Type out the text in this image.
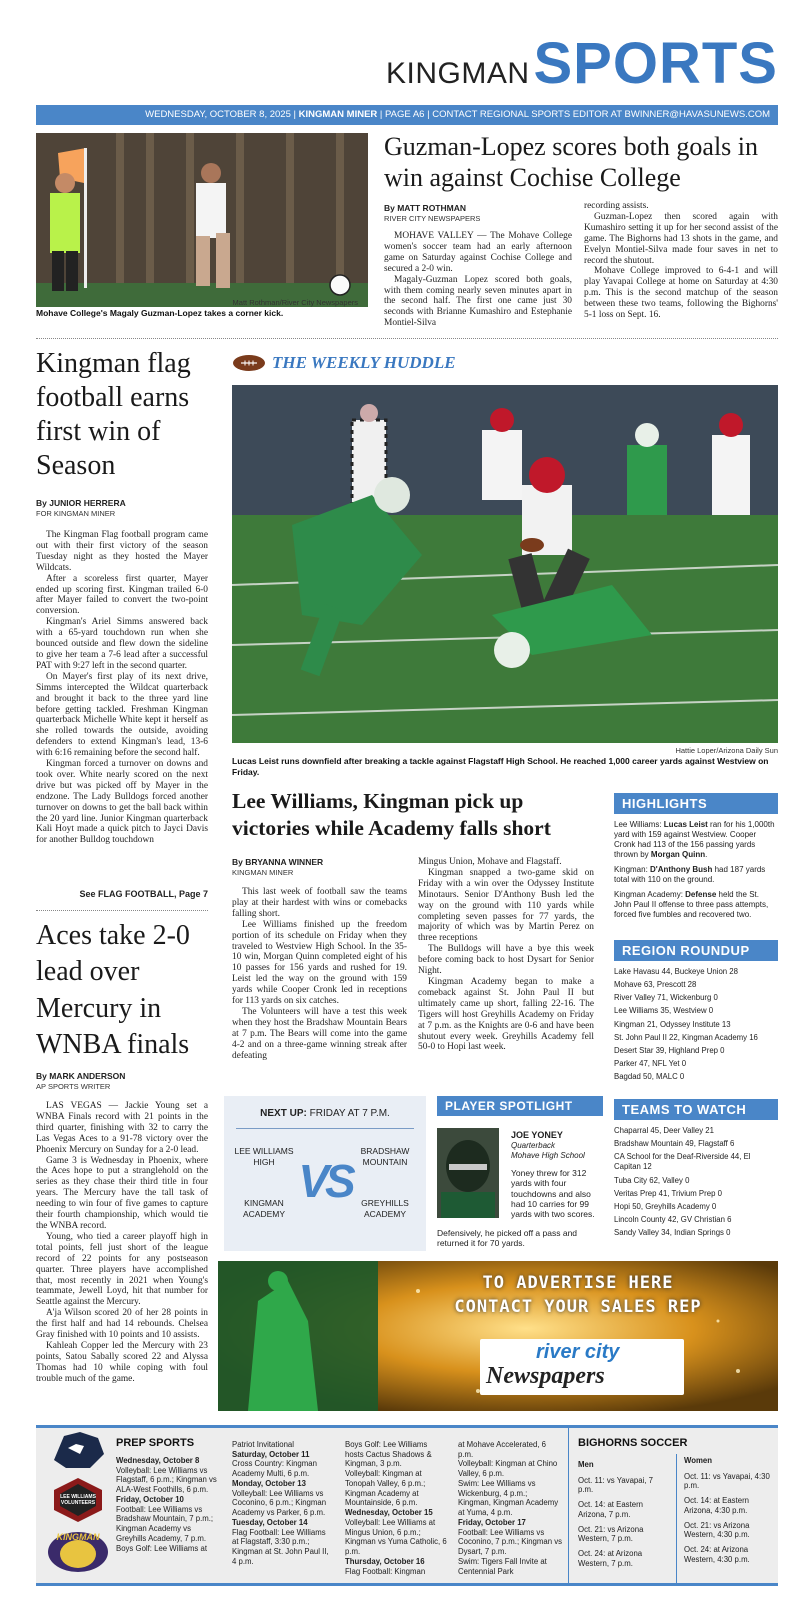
KINGMANSPORTS
WEDNESDAY, OCTOBER 8, 2025 | KINGMAN MINER | PAGE A6 | CONTACT REGIONAL SPORTS EDITOR AT BWINNER@HAVASUNEWS.COM
Matt Rothman/River City Newspapers
Mohave College's Magaly Guzman-Lopez takes a corner kick.
Guzman-Lopez scores both goals in win against Cochise College
By MATT ROTHMAN
RIVER CITY NEWSPAPERS

MOHAVE VALLEY — The Mohave College women's soccer team had an early afternoon game on Saturday against Cochise College and secured a 2-0 win.

Magaly-Guzman Lopez scored both goals, with them coming nearly seven minutes apart in the second half. The first one came just 30 seconds with Brianne Kumashiro and Estephanie Montiel-Silva

recording assists.

Guzman-Lopez then scored again with Kumashiro setting it up for her second assist of the game. The Bighorns had 13 shots in the game, and Evelyn Montiel-Silva made four saves in net to record the shutout.

Mohave College improved to 6-4-1 and will play Yavapai College at home on Saturday at 4:30 p.m. This is the second matchup of the season between these two teams, following the Bighorns' 5-1 loss on Sept. 16.

Kingman flag football earns first win of Season
By JUNIOR HERRERA
FOR KINGMAN MINER

The Kingman Flag football program came out with their first victory of the season Tuesday night as they hosted the Mayer Wildcats.

After a scoreless first quarter, Mayer ended up scoring first. Kingman trailed 6-0 after Mayer failed to convert the two-point conversion.

Kingman's Ariel Simms answered back with a 65-yard touchdown run when she bounced outside and flew down the sideline to give her team a 7-6 lead after a successful PAT with 9:27 left in the second quarter.

On Mayer's first play of its next drive, Simms intercepted the Wildcat quarterback and brought it back to the three yard line before getting tackled. Freshman Kingman quarterback Michelle White kept it herself as she rolled towards the outside, avoiding defenders to extend Kingman's lead, 13-6 with 6:16 remaining before the second half.

Kingman forced a turnover on downs and took over. White nearly scored on the next drive but was picked off by Mayer in the endzone. The Lady Bulldogs forced another turnover on downs to get the ball back within the 20 yard line. Junior Kingman quarterback Kali Hoyt made a quick pitch to Jayci Davis for another Bulldog touchdown

See FLAG FOOTBALL, Page 7
THE WEEKLY HUDDLE
Hattie Loper/Arizona Daily Sun
Lucas Leist runs downfield after breaking a tackle against Flagstaff High School. He reached 1,000 career yards against Westview on Friday.
Lee Williams, Kingman pick up victories while Academy falls short
By BRYANNA WINNER
KINGMAN MINER

This last week of football saw the teams play at their hardest with wins or comebacks falling short.

Lee Williams finished up the freedom portion of its schedule on Friday when they traveled to Westview High School. In the 35-10 win, Morgan Quinn completed eight of his 10 passes for 156 yards and rushed for 19. Leist led the way on the ground with 159 yards while Cooper Cronk led in receptions for 113 yards on six catches.

The Volunteers will have a test this week when they host the Bradshaw Mountain Bears at 7 p.m. The Bears will come into the game 4-2 and on a three-game winning streak after defeating

Mingus Union, Mohave and Flagstaff.

Kingman snapped a two-game skid on Friday with a win over the Odyssey Institute Minotaurs. Senior D'Anthony Bush led the way on the ground with 110 yards while completing seven passes for 77 yards, the majority of which was by Martin Perez on three receptions

The Bulldogs will have a bye this week before coming back to host Dysart for Senior Night.

Kingman Academy began to make a comeback against St. John Paul II but ultimately came up short, falling 22-16. The Tigers will host Greyhills Academy on Friday at 7 p.m. as the Knights are 0-6 and have been shutout every week. Greyhills Academy fell 50-0 to Hopi last week.

HIGHLIGHTS
Lee Williams: Lucas Leist ran for his 1,000th yard with 159 against Westview. Cooper Cronk had 113 of the 156 passing yards thrown by Morgan Quinn.
Kingman: D'Anthony Bush had 187 yards total with 110 on the ground.
Kingman Academy: Defense held the St. John Paul II offense to three pass attempts, forced five fumbles and recovered two.
REGION ROUNDUP
Lake Havasu 44, Buckeye Union 28
Mohave 63, Prescott 28
River Valley 71, Wickenburg 0
Lee Williams 35, Westview 0
Kingman 21, Odyssey Institute 13
St. John Paul II 22, Kingman Academy 16
Desert Star 39, Highland Prep 0
Parker 47, NFL Yet 0
Bagdad 50, MALC 0
TEAMS TO WATCH
Chaparral 45, Deer Valley 21
Bradshaw Mountain 49, Flagstaff 6
CA School for the Deaf-Riverside 44, El Capitan 12
Tuba City 62, Valley 0
Veritas Prep 41, Trivium Prep 0
Hopi 50, Greyhills Academy 0
Lincoln County 42, GV Christian 6
Sandy Valley 34, Indian Springs 0
NEXT UP: FRIDAY AT 7 P.M.
LEE WILLIAMS HIGH
BRADSHAW MOUNTAIN
KINGMAN ACADEMY
GREYHILLS ACADEMY
VS
PLAYER SPOTLIGHT
JOE YONEY
Quarterback
Mohave High School
Yoney threw for 312 yards with four touchdowns and also had 10 carries for 99 yards with two scores.
Defensively, he picked off a pass and returned it for 70 yards.
Aces take 2-0 lead over Mercury in WNBA finals
By MARK ANDERSON
AP SPORTS WRITER

LAS VEGAS — Jackie Young set a WNBA Finals record with 21 points in the third quarter, finishing with 32 to carry the Las Vegas Aces to a 91-78 victory over the Phoenix Mercury on Sunday for a 2-0 lead.

Game 3 is Wednesday in Phoenix, where the Aces hope to put a stranglehold on the series as they chase their third title in four years. The Mercury have the tall task of needing to win four of five games to capture their fourth championship, which would tie the WNBA record.

Young, who tied a career playoff high in total points, fell just short of the league record of 22 points for any postseason quarter. Three players have accomplished that, most recently in 2021 when Young's teammate, Jewell Loyd, hit that number for Seattle against the Mercury.

A'ja Wilson scored 20 of her 28 points in the first half and had 14 rebounds. Chelsea Gray finished with 10 points and 10 assists.

Kahleah Copper led the Mercury with 23 points, Satou Sabally scored 22 and Alyssa Thomas had 10 while coping with foul trouble much of the game.

TO ADVERTISE HERE
CONTACT YOUR SALES REP
river city
Newspapers
LEE WILLIAMS VOLUNTEERS
KINGMAN
PREP SPORTS
Wednesday, October 8
Volleyball: Lee Williams vs Flagstaff, 6 p.m.; Kingman vs ALA-West Foothills, 6 p.m.
Friday, October 10
Football: Lee Williams vs Bradshaw Mountain, 7 p.m.; Kingman Academy vs Greyhills Academy, 7 p.m.
Boys Golf: Lee Williams at
Patriot Invitational
Saturday, October 11
Cross Country: Kingman Academy Multi, 6 p.m.
Monday, October 13
Volleyball: Lee Williams vs Coconino, 6 p.m.; Kingman Academy vs Parker, 6 p.m.
Tuesday, October 14
Flag Football: Lee Williams at Flagstaff, 3:30 p.m.; Kingman at St. John Paul II, 4 p.m.
Boys Golf: Lee Williams hosts Cactus Shadows & Kingman, 3 p.m.
Volleyball: Kingman at Tonopah Valley, 6 p.m.; Kingman Academy at Mountainside, 6 p.m.
Wednesday, October 15
Volleyball: Lee Williams at Mingus Union, 6 p.m.; Kingman vs Yuma Catholic, 6 p.m.
Thursday, October 16
Flag Football: Kingman
at Mohave Accelerated, 6 p.m.
Volleyball: Kingman at Chino Valley, 6 p.m.
Swim: Lee Williams vs Wickenburg, 4 p.m.; Kingman, Kingman Academy at Yuma, 4 p.m.
Friday, October 17
Football: Lee Williams vs Coconino, 7 p.m.; Kingman vs Dysart, 7 p.m.
Swim: Tigers Fall Invite at Centennial Park
BIGHORNS SOCCER
Men
Oct. 11: vs Yavapai, 7 p.m.
Oct. 14: at Eastern Arizona, 7 p.m.
Oct. 21: vs Arizona Western, 7 p.m.
Oct. 24: at Arizona Western, 7 p.m.
Women
Oct. 11: vs Yavapai, 4:30 p.m.
Oct. 14: at Eastern Arizona, 4:30 p.m.
Oct. 21: vs Arizona Western, 4:30 p.m.
Oct. 24: at Arizona Western, 4:30 p.m.
